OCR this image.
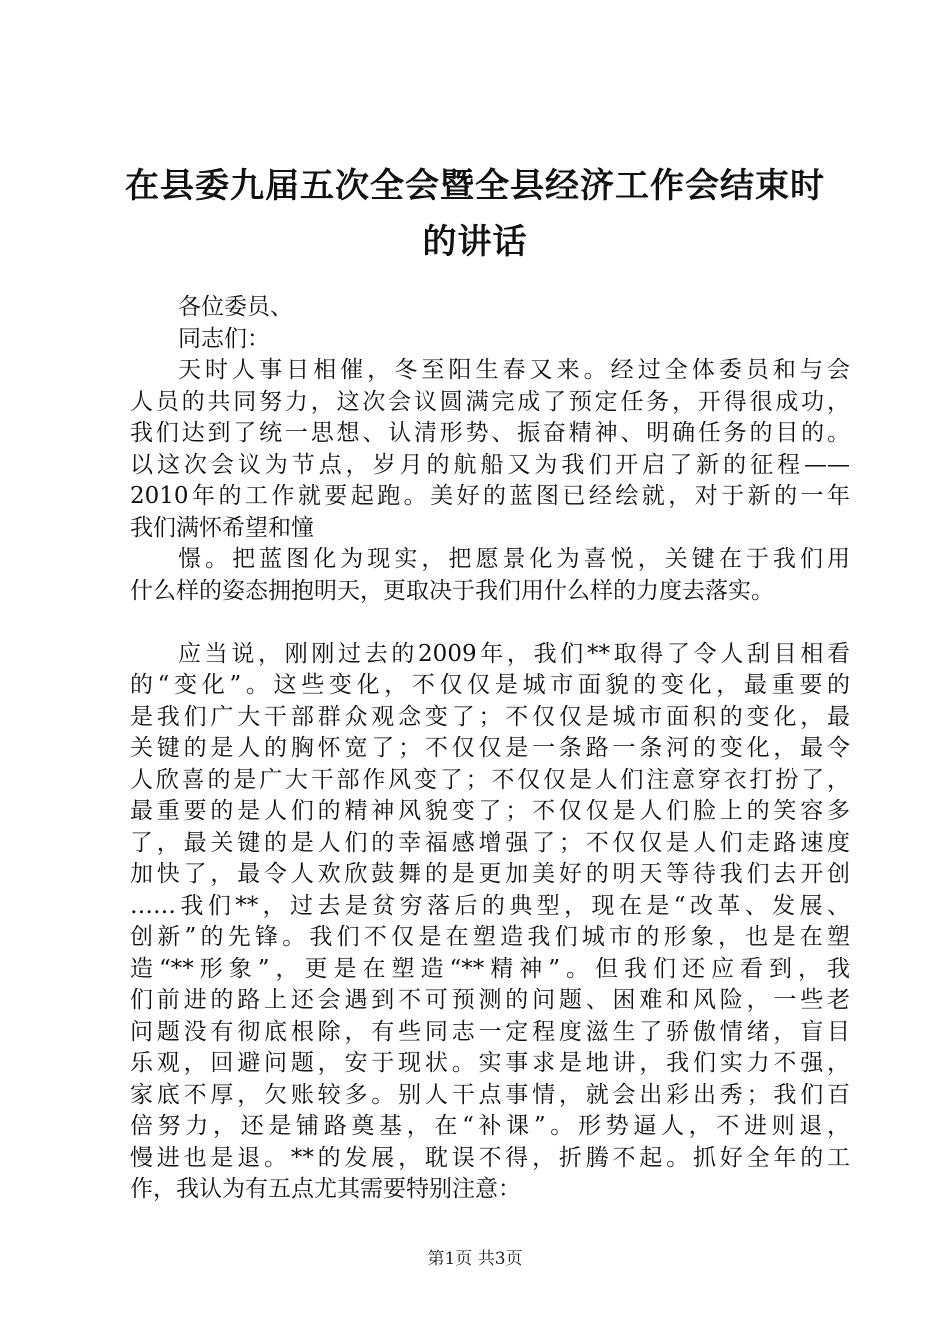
在县委九届五次全会暨全县经济工作会结束时
的讲话
各位委员、
同志们：
天时人事日相催，冬至阳生春又来。经过全体委员和与会
人员的共同努力，这次会议圆满完成了预定任务，开得很成功，
我们达到了统一思想、认清形势、振奋精神、明确任务的目的。
以这次会议为节点，岁月的航船又为我们开启了新的征程——
2010年的工作就要起跑。美好的蓝图已经绘就，对于新的一年
我们满怀希望和憧
憬。把蓝图化为现实，把愿景化为喜悦，关键在于我们用
什么样的姿态拥抱明天，更取决于我们用什么样的力度去落实。
应当说，刚刚过去的2009年，我们**取得了令人刮目相看
的“变化”。这些变化，不仅仅是城市面貌的变化，最重要的
是我们广大干部群众观念变了；不仅仅是城市面积的变化，最
关键的是人的胸怀宽了；不仅仅是一条路一条河的变化，最令
人欣喜的是广大干部作风变了；不仅仅是人们注意穿衣打扮了，
最重要的是人们的精神风貌变了；不仅仅是人们脸上的笑容多
了，最关键的是人们的幸福感增强了；不仅仅是人们走路速度
加快了，最令人欢欣鼓舞的是更加美好的明天等待我们去开创
……我们**，过去是贫穷落后的典型，现在是“改革、发展、
创新”的先锋。我们不仅是在塑造我们城市的形象，也是在塑
造“**形象”，更是在塑造“**精神”。但我们还应看到，我
们前进的路上还会遇到不可预测的问题、困难和风险，一些老
问题没有彻底根除，有些同志一定程度滋生了骄傲情绪，盲目
乐观，回避问题，安于现状。实事求是地讲，我们实力不强，
家底不厚，欠账较多。别人干点事情，就会出彩出秀；我们百
倍努力，还是铺路奠基，在“补课”。形势逼人，不进则退，
慢进也是退。**的发展，耽误不得，折腾不起。抓好全年的工
作，我认为有五点尤其需要特别注意：
第1页 共3页
